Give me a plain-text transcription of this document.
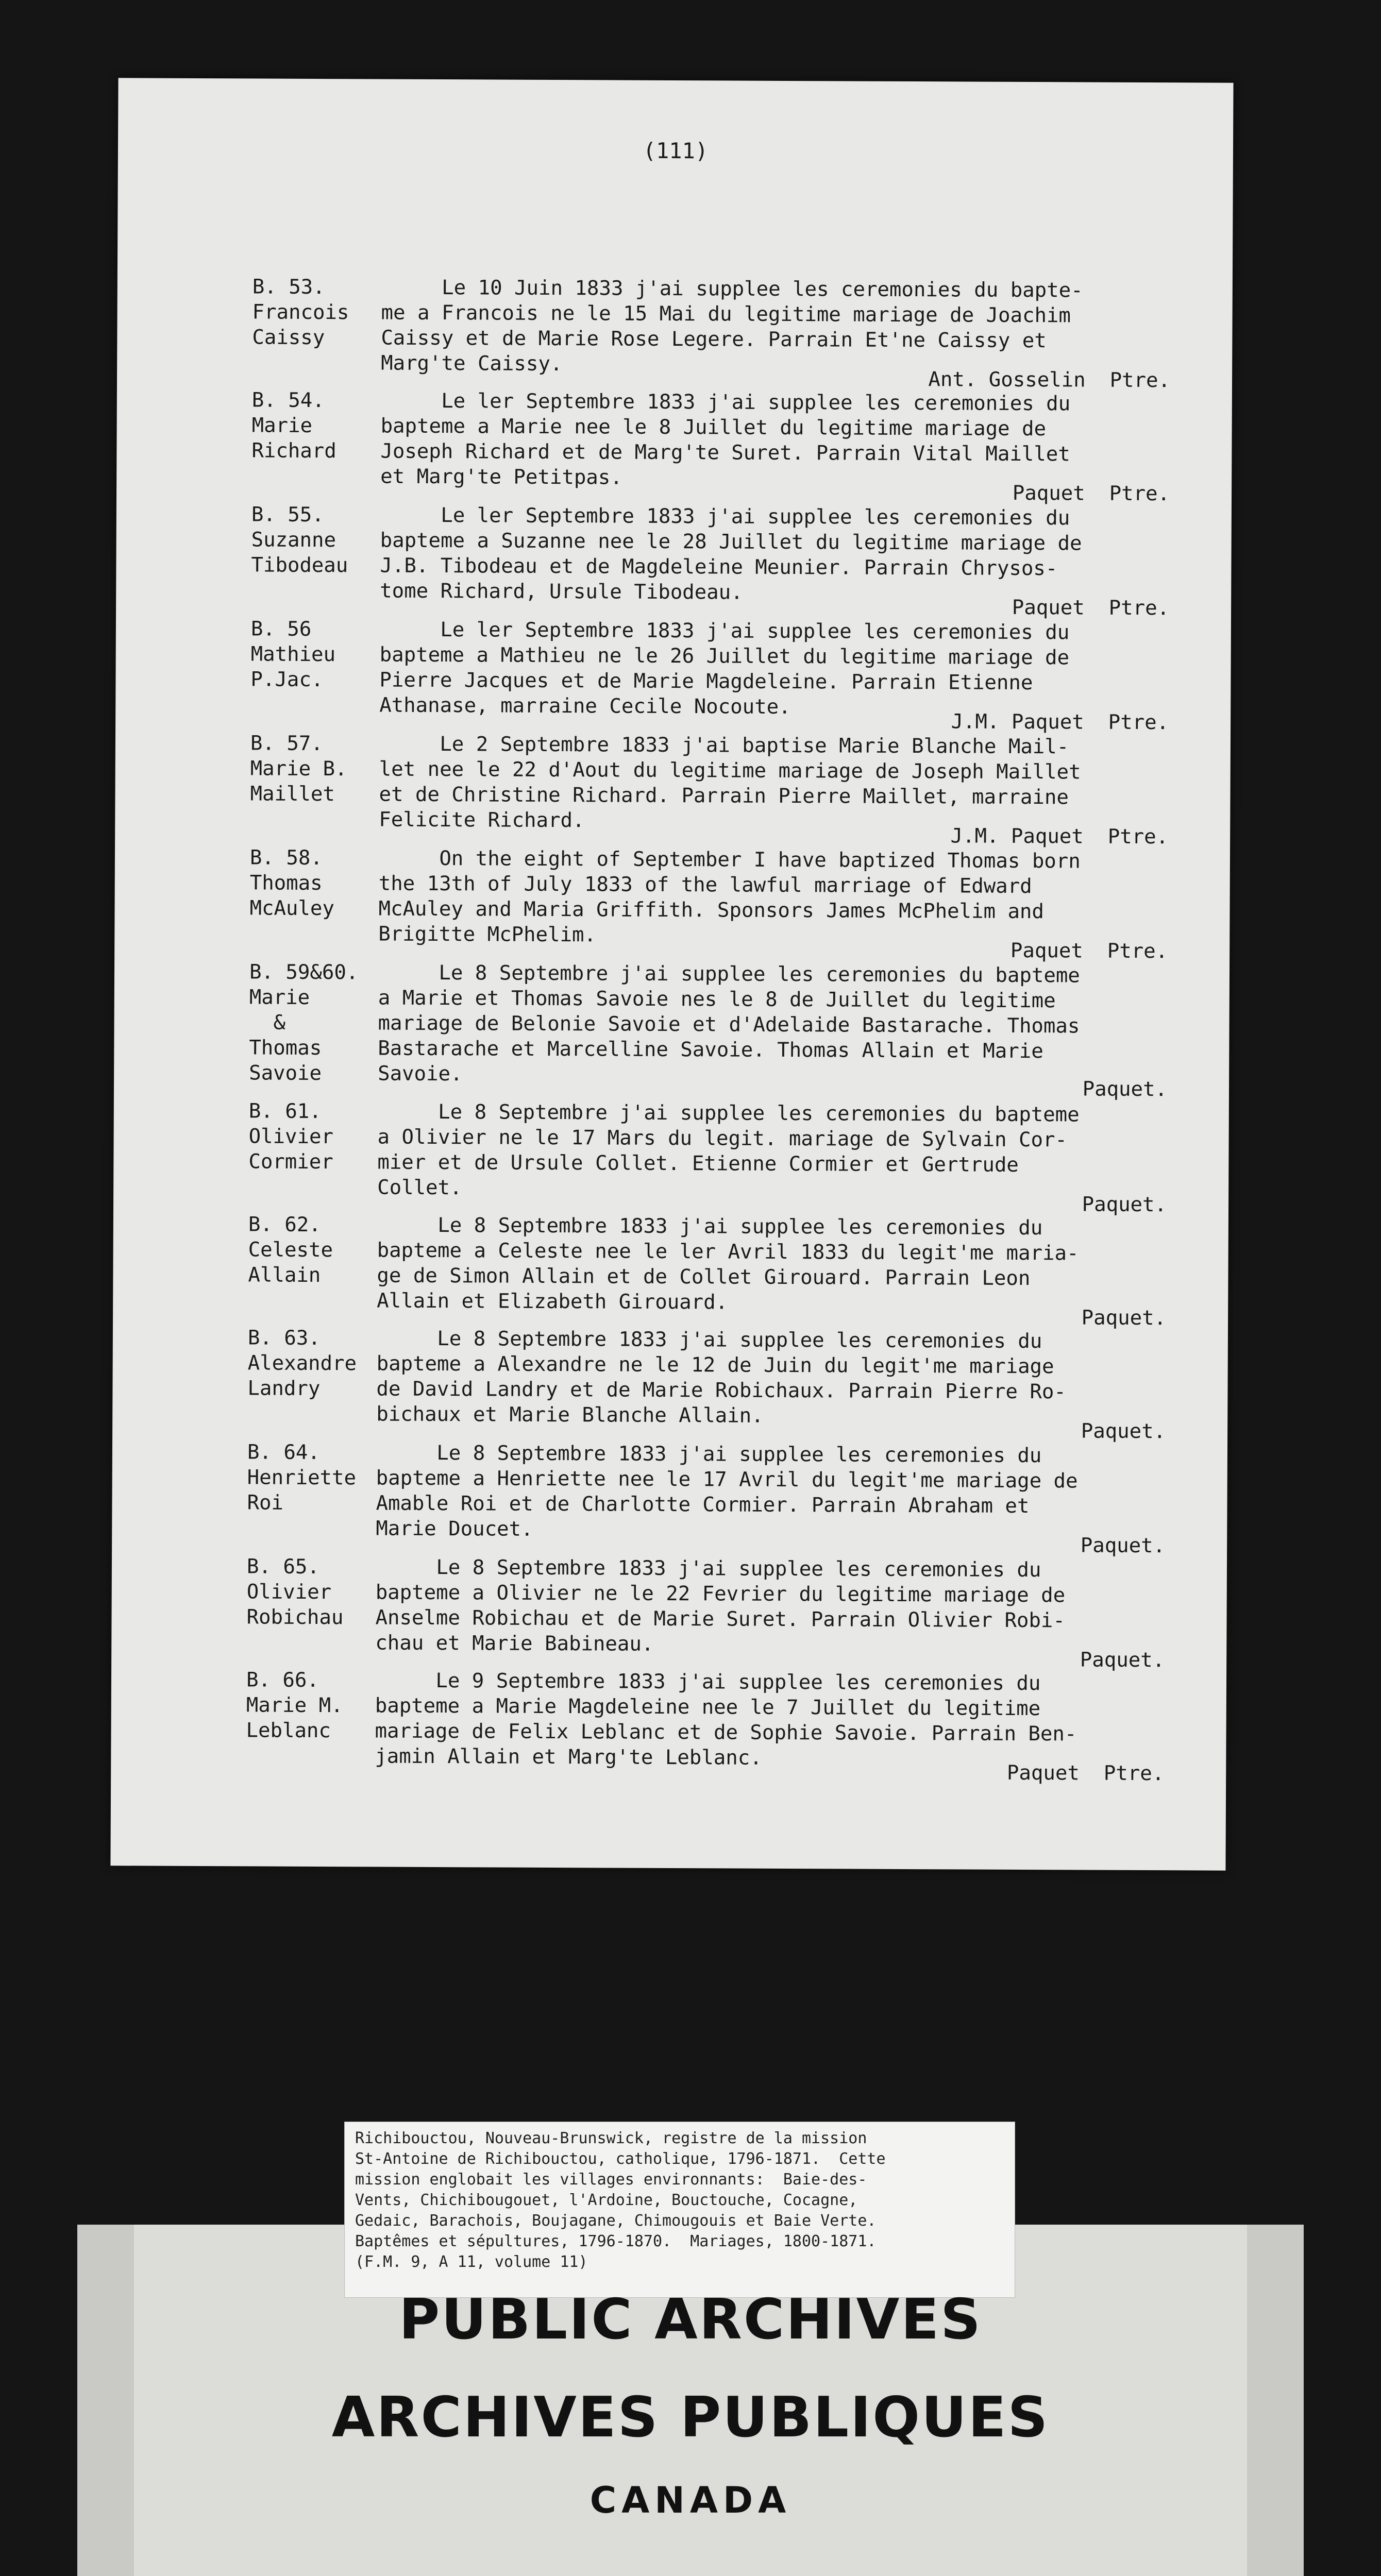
(111)
B. 53.
Francois
Caissy
Le 10 Juin 1833 j'ai supplee les ceremonies du bapte-
me a Francois ne le 15 Mai du legitime mariage de Joachim
Caissy et de Marie Rose Legere. Parrain Et'ne Caissy et
Marg'te Caissy.
Ant. Gosselin  Ptre.
B. 54.
Marie
Richard
Le ler Septembre 1833 j'ai supplee les ceremonies du
bapteme a Marie nee le 8 Juillet du legitime mariage de
Joseph Richard et de Marg'te Suret. Parrain Vital Maillet
et Marg'te Petitpas.
Paquet  Ptre.
B. 55.
Suzanne
Tibodeau
Le ler Septembre 1833 j'ai supplee les ceremonies du
bapteme a Suzanne nee le 28 Juillet du legitime mariage de
J.B. Tibodeau et de Magdeleine Meunier. Parrain Chrysos-
tome Richard, Ursule Tibodeau.
Paquet  Ptre.
B. 56
Mathieu
P.Jac.
Le ler Septembre 1833 j'ai supplee les ceremonies du
bapteme a Mathieu ne le 26 Juillet du legitime mariage de
Pierre Jacques et de Marie Magdeleine. Parrain Etienne
Athanase, marraine Cecile Nocoute.
J.M. Paquet  Ptre.
B. 57.
Marie B.
Maillet
Le 2 Septembre 1833 j'ai baptise Marie Blanche Mail-
let nee le 22 d'Aout du legitime mariage de Joseph Maillet
et de Christine Richard. Parrain Pierre Maillet, marraine
Felicite Richard.
J.M. Paquet  Ptre.
B. 58.
Thomas
McAuley
On the eight of September I have baptized Thomas born
the 13th of July 1833 of the lawful marriage of Edward
McAuley and Maria Griffith. Sponsors James McPhelim and
Brigitte McPhelim.
Paquet  Ptre.
B. 59&60.
Marie
&
Thomas
Savoie
Le 8 Septembre j'ai supplee les ceremonies du bapteme
a Marie et Thomas Savoie nes le 8 de Juillet du legitime
mariage de Belonie Savoie et d'Adelaide Bastarache. Thomas
Bastarache et Marcelline Savoie. Thomas Allain et Marie
Savoie.
Paquet.
B. 61.
Olivier
Cormier
Le 8 Septembre j'ai supplee les ceremonies du bapteme
a Olivier ne le 17 Mars du legit. mariage de Sylvain Cor-
mier et de Ursule Collet. Etienne Cormier et Gertrude
Collet.
Paquet.
B. 62.
Celeste
Allain
Le 8 Septembre 1833 j'ai supplee les ceremonies du
bapteme a Celeste nee le ler Avril 1833 du legit'me maria-
ge de Simon Allain et de Collet Girouard. Parrain Leon
Allain et Elizabeth Girouard.
Paquet.
B. 63.
Alexandre
Landry
Le 8 Septembre 1833 j'ai supplee les ceremonies du
bapteme a Alexandre ne le 12 de Juin du legit'me mariage
de David Landry et de Marie Robichaux. Parrain Pierre Ro-
bichaux et Marie Blanche Allain.
Paquet.
B. 64.
Henriette
Roi
Le 8 Septembre 1833 j'ai supplee les ceremonies du
bapteme a Henriette nee le 17 Avril du legit'me mariage de
Amable Roi et de Charlotte Cormier. Parrain Abraham et
Marie Doucet.
Paquet.
B. 65.
Olivier
Robichau
Le 8 Septembre 1833 j'ai supplee les ceremonies du
bapteme a Olivier ne le 22 Fevrier du legitime mariage de
Anselme Robichau et de Marie Suret. Parrain Olivier Robi-
chau et Marie Babineau.
Paquet.
B. 66.
Marie M.
Leblanc
Le 9 Septembre 1833 j'ai supplee les ceremonies du
bapteme a Marie Magdeleine nee le 7 Juillet du legitime
mariage de Felix Leblanc et de Sophie Savoie. Parrain Ben-
jamin Allain et Marg'te Leblanc.
Paquet  Ptre.
Richibouctou, Nouveau-Brunswick, registre de la mission
St-Antoine de Richibouctou, catholique, 1796-1871.  Cette
mission englobait les villages environnants:  Baie-des-
Vents, Chichibougouet, l'Ardoine, Bouctouche, Cocagne,
Gedaic, Barachois, Boujagane, Chimougouis et Baie Verte.
Baptêmes et sépultures, 1796-1870.  Mariages, 1800-1871.
(F.M. 9, A 11, volume 11)
PUBLIC ARCHIVES
ARCHIVES PUBLIQUES
CANADA
